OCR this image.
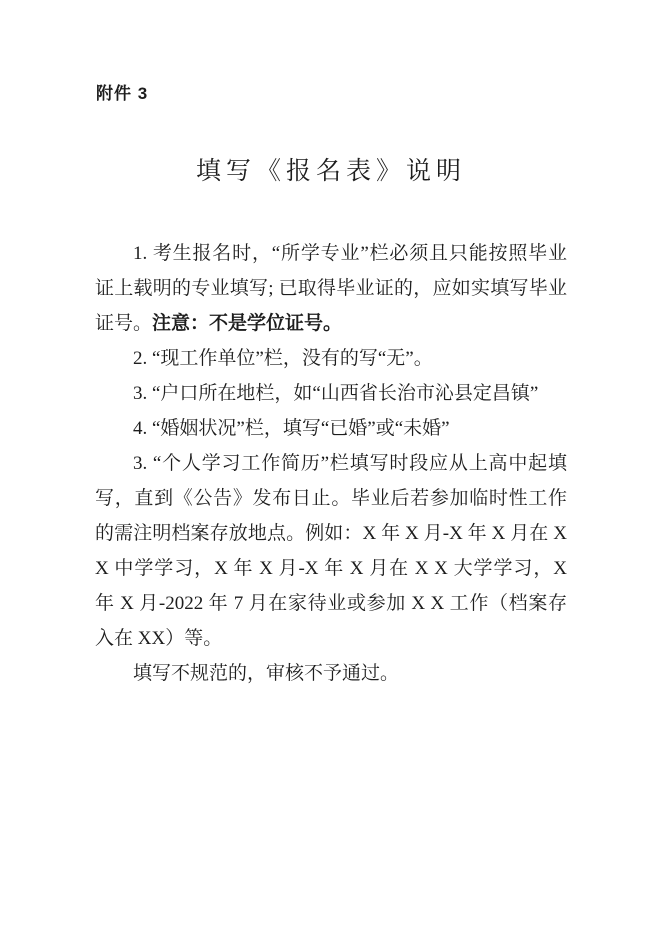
附件 3
填写《报名表》说明

1. 考生报名时，“所学专业”栏必须且只能按照毕业证上载明的专业填写; 已取得毕业证的，应如实填写毕业证号。注意：不是学位证号。

2. “现工作单位”栏，没有的写“无”。

3. “户口所在地栏，如“山西省长治市沁县定昌镇”

4. “婚姻状况”栏，填写“已婚”或“未婚”

3. “个人学习工作简历”栏填写时段应从上高中起填写，直到《公告》发布日止。毕业后若参加临时性工作的需注明档案存放地点。例如：X 年 X 月-X 年 X 月在 X X 中学学习，X 年 X 月-X 年 X 月在 X X 大学学习，X 年 X 月-2022 年 7 月在家待业或参加 X X 工作（档案存入在 XX）等。

填写不规范的，审核不予通过。
